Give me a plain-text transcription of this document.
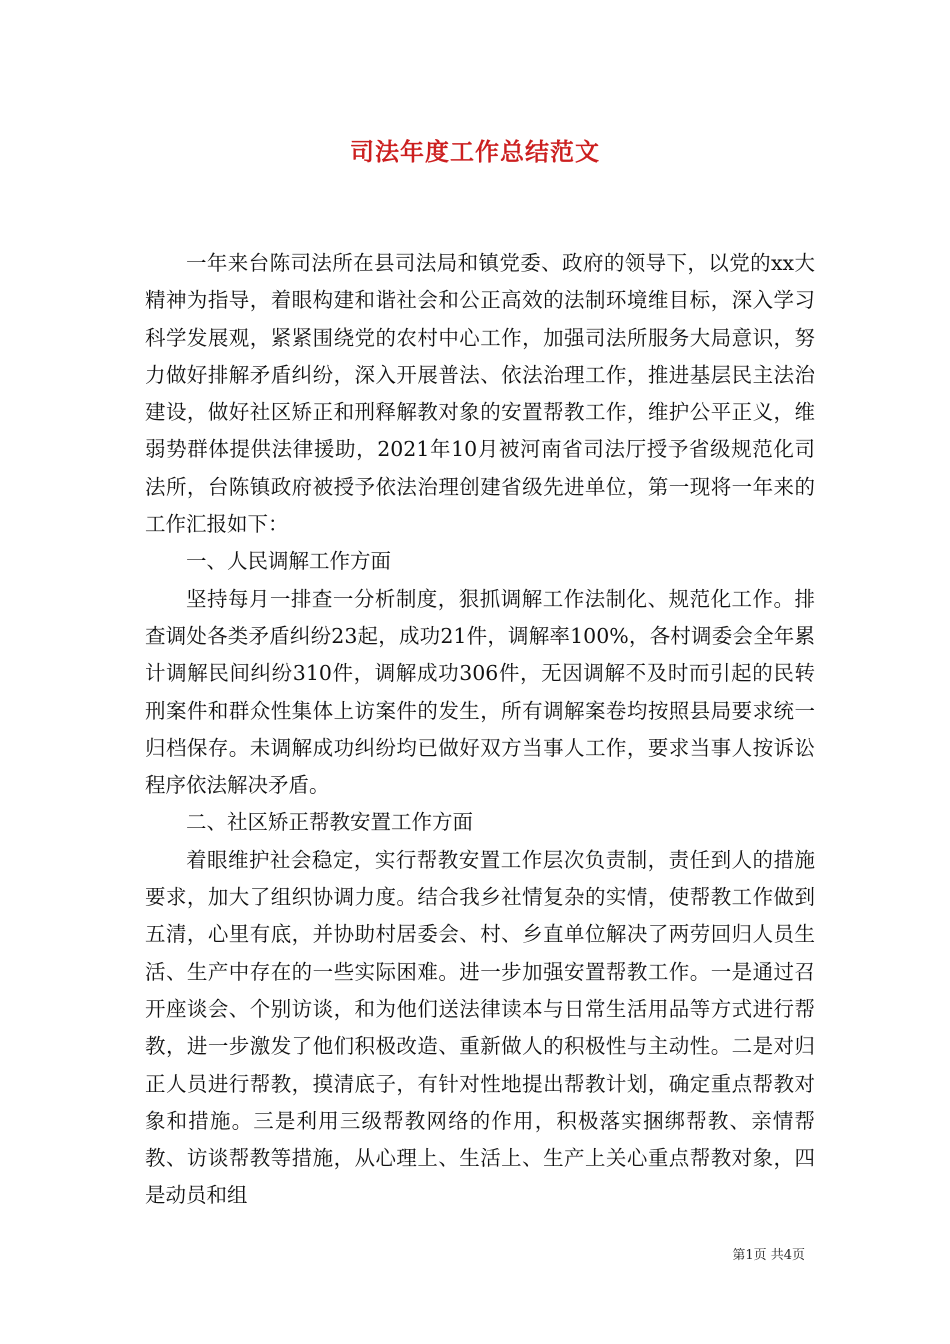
司法年度工作总结范文

一年来台陈司法所在县司法局和镇党委、政府的领导下，以党的xx大精神为指导，着眼构建和谐社会和公正高效的法制环境维目标，深入学习科学发展观，紧紧围绕党的农村中心工作，加强司法所服务大局意识，努力做好排解矛盾纠纷，深入开展普法、依法治理工作，推进基层民主法治建设，做好社区矫正和刑释解教对象的安置帮教工作，维护公平正义，维弱势群体提供法律援助，2021年10月被河南省司法厅授予省级规范化司法所，台陈镇政府被授予依法治理创建省级先进单位，第一现将一年来的工作汇报如下：

一、人民调解工作方面

坚持每月一排查一分析制度，狠抓调解工作法制化、规范化工作。排查调处各类矛盾纠纷23起，成功21件，调解率100%，各村调委会全年累计调解民间纠纷310件，调解成功306件，无因调解不及时而引起的民转刑案件和群众性集体上访案件的发生，所有调解案卷均按照县局要求统一归档保存。未调解成功纠纷均已做好双方当事人工作，要求当事人按诉讼程序依法解决矛盾。

二、社区矫正帮教安置工作方面

着眼维护社会稳定，实行帮教安置工作层次负责制，责任到人的措施要求，加大了组织协调力度。结合我乡社情复杂的实情，使帮教工作做到五清，心里有底，并协助村居委会、村、乡直单位解决了两劳回归人员生活、生产中存在的一些实际困难。进一步加强安置帮教工作。一是通过召开座谈会、个别访谈，和为他们送法律读本与日常生活用品等方式进行帮教，进一步激发了他们积极改造、重新做人的积极性与主动性。二是对归正人员进行帮教，摸清底子，有针对性地提出帮教计划，确定重点帮教对象和措施。三是利用三级帮教网络的作用，积极落实捆绑帮教、亲情帮教、访谈帮教等措施，从心理上、生活上、生产上关心重点帮教对象，四是动员和组

第1页 共4页
